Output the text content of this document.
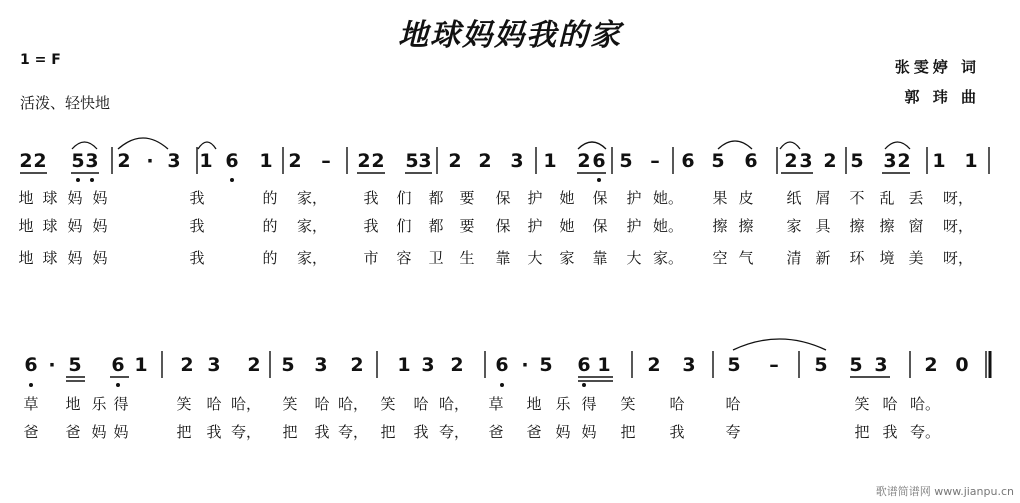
地球妈妈我的家
1 = F
活泼、轻快地
张雯婷 词
郭 玮 曲
2 2 5 3 2 · 3 1 6 1 2 – 2 2 5 3 2 2 3 1 2 6 5 – 6 5 6 2 3 2 5 3 2 1 1
地 球 妈 妈	我	的 家， 我 们 都 要 保 护 她 保 护 她。 果 皮 纸 屑 不 乱 丢 呀，
地 球 妈 妈	我	的 家， 我 们 都 要 保 护 她 保 护 她。 擦 擦 家 具 擦 擦 窗 呀，
地 球 妈 妈	我	的 家， 市 容 卫 生 靠 大 家 靠 大 家。 空 气 清 新 环 境 美 呀，
6 · 5 6 1 2 3 2 5 3 2 1 3 2 6 · 5 6 1 2 3 5 – 5 5 3 2 0
草 地 乐 得	笑 哈 哈， 笑 哈 哈， 笑 哈 哈， 草 地 乐 得 笑 哈	哈	笑 哈 哈。
爸 爸 妈 妈	把 我 夸， 把 我 夸， 把 我 夸， 爸 爸 妈 妈 把 我	夸	把 我 夸。
歌谱简谱网 www.jianpu.cn
